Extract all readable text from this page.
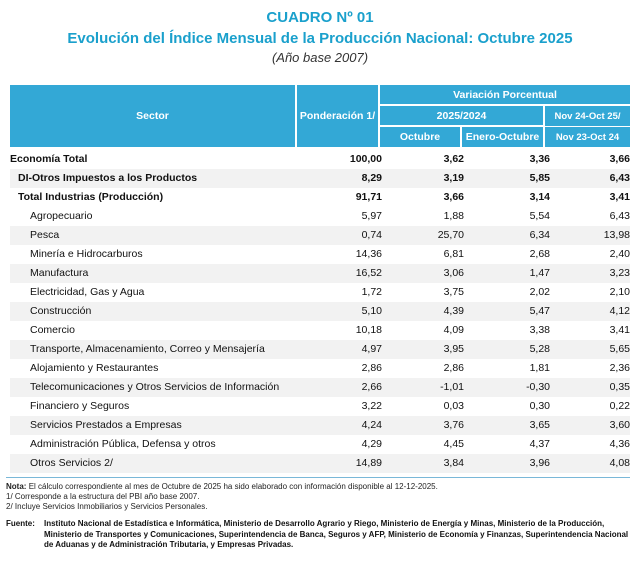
CUADRO Nº 01
Evolución del Índice Mensual de la Producción Nacional: Octubre 2025
(Año base 2007)
Sector	Ponderación 1/
Variación Porcentual
2025/2024
Octubre	Enero-Octubre
Nov 24-Oct 25/
Nov 23-Oct 24
Economía Total	100,00	3,62	3,36	3,66
DI-Otros Impuestos a los Productos	8,29	3,19	5,85	6,43
Total Industrias (Producción)	91,71	3,66	3,14	3,41
Agropecuario	5,97	1,88	5,54	6,43
Pesca	0,74	25,70	6,34	13,98
Minería e Hidrocarburos	14,36	6,81	2,68	2,40
Manufactura	16,52	3,06	1,47	3,23
Electricidad, Gas y Agua	1,72	3,75	2,02	2,10
Construcción	5,10	4,39	5,47	4,12
Comercio	10,18	4,09	3,38	3,41
Transporte, Almacenamiento, Correo y Mensajería	4,97	3,95	5,28	5,65
Alojamiento y Restaurantes	2,86	2,86	1,81	2,36
Telecomunicaciones y Otros Servicios de Información	2,66	-1,01	-0,30	0,35
Financiero y Seguros	3,22	0,03	0,30	0,22
Servicios Prestados a Empresas	4,24	3,76	3,65	3,60
Administración Pública, Defensa y otros	4,29	4,45	4,37	4,36
Otros Servicios 2/	14,89	3,84	3,96	4,08
Nota: El cálculo correspondiente al mes de Octubre de 2025 ha sido elaborado con información disponible al 12-12-2025.
1/ Corresponde a la estructura del PBI año base 2007.
2/ Incluye Servicios Inmobiliarios y Servicios Personales.
Fuente: Instituto Nacional de Estadística e Informática, Ministerio de Desarrollo Agrario y Riego, Ministerio de Energía y Minas, Ministerio de la Producción, Ministerio de Transportes y Comunicaciones, Superintendencia de Banca, Seguros y AFP, Ministerio de Economía y Finanzas, Superintendencia Nacional de Aduanas y de Administración Tributaria, y Empresas Privadas.
